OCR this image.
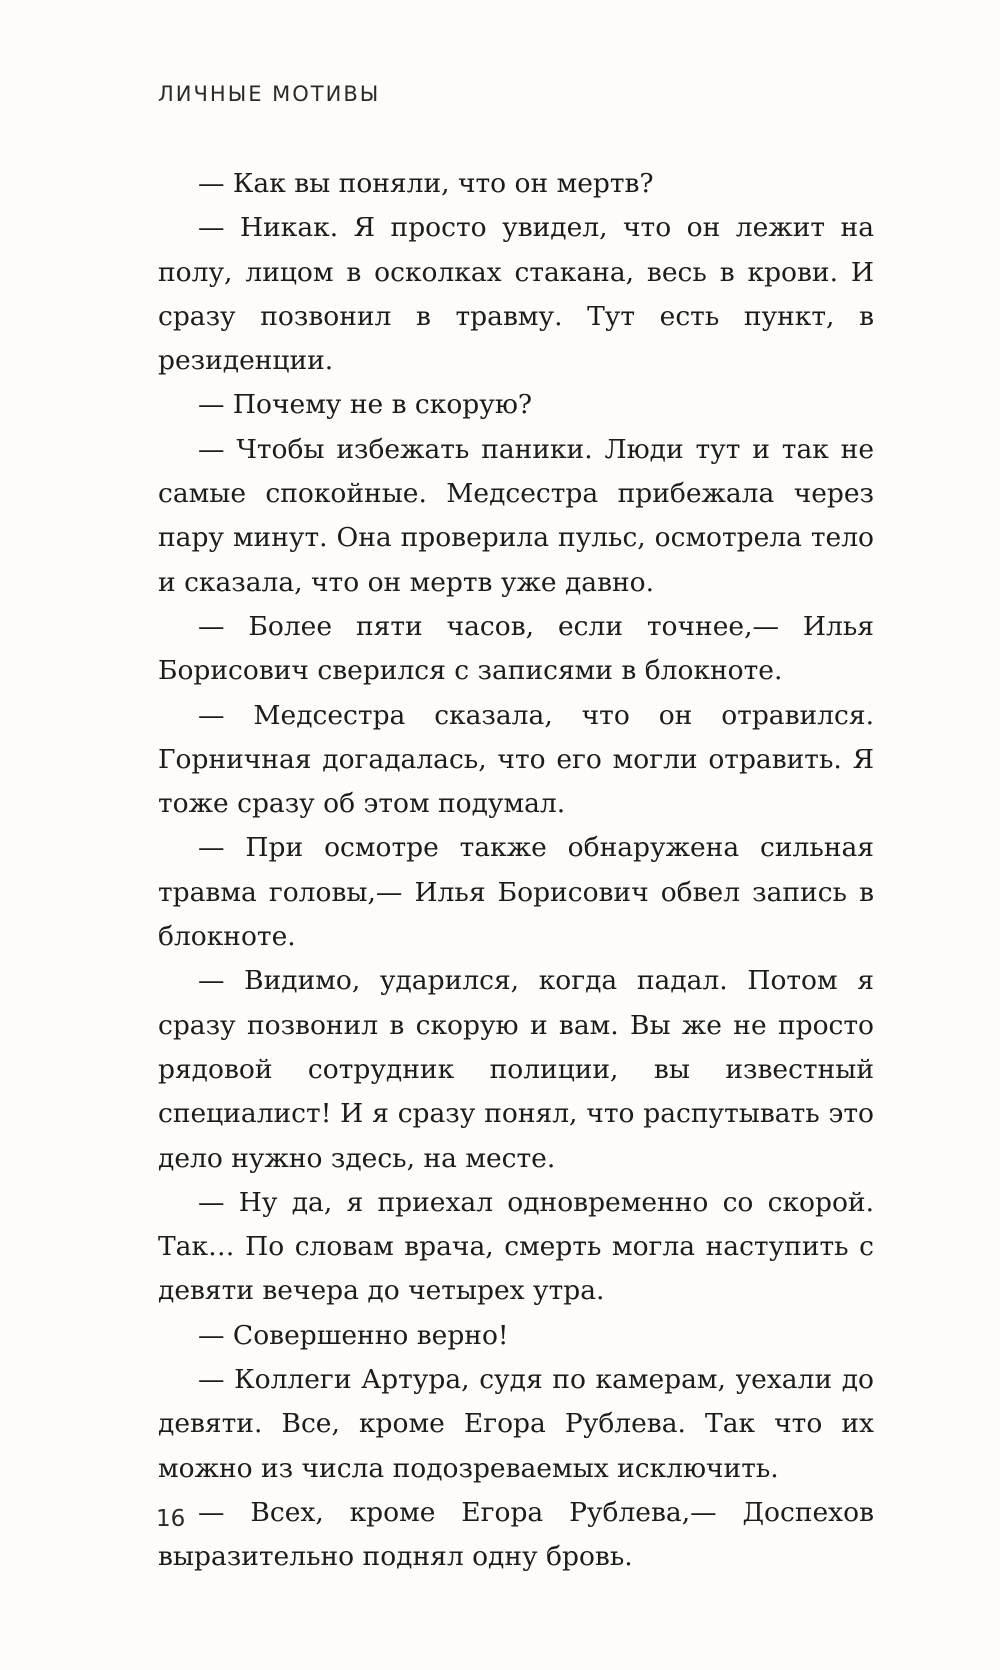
ЛИЧНЫЕ МОТИВЫ

— Как вы поняли, что он мертв?

— Никак. Я просто увидел, что он лежит на полу, лицом в осколках стакана, весь в крови. И сразу позвонил в травму. Тут есть пункт, в резиденции.

— Почему не в скорую?

— Чтобы избежать паники. Люди тут и так не самые спокойные. Медсестра прибежала через пару минут. Она проверила пульс, осмотрела тело и сказала, что он мертв уже давно.

— Более пяти часов, если точнее,— Илья Борисович сверился с записями в блокноте.

— Медсестра сказала, что он отравился. Горничная догадалась, что его могли отравить. Я тоже сразу об этом подумал.

— При осмотре также обнаружена сильная травма головы,— Илья Борисович обвел запись в блокноте.

— Видимо, ударился, когда падал. Потом я сразу позвонил в скорую и вам. Вы же не просто рядовой сотрудник полиции, вы известный специалист! И я сразу понял, что распутывать это дело нужно здесь, на месте.

— Ну да, я приехал одновременно со скорой. Так… По словам врача, смерть могла наступить с девяти вечера до четырех утра.

— Совершенно верно!

— Коллеги Артура, судя по камерам, уехали до девяти. Все, кроме Егора Рублева. Так что их можно из числа подозреваемых исключить.

— Всех, кроме Егора Рублева,— Доспехов выразительно поднял одну бровь.

16
